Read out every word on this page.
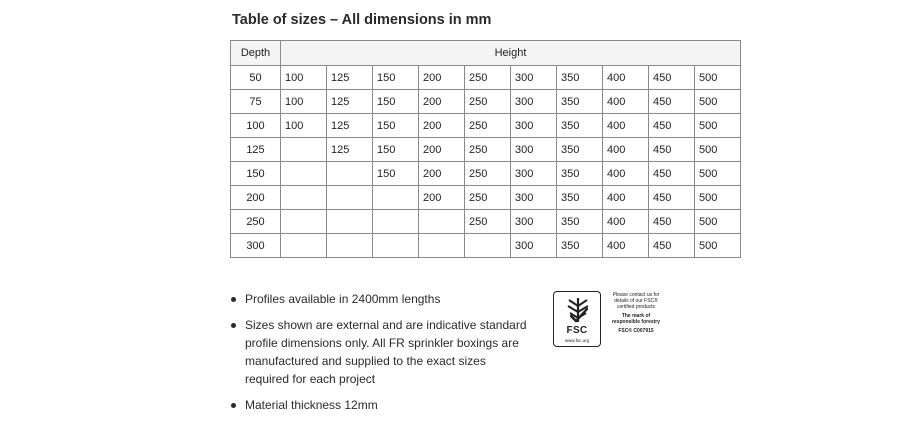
Table of sizes – All dimensions in mm
Depth	Height									
50	100	125	150	200	250	300	350	400	450	500
75	100	125	150	200	250	300	350	400	450	500
100	100	125	150	200	250	300	350	400	450	500
125		125	150	200	250	300	350	400	450	500
150			150	200	250	300	350	400	450	500
200				200	250	300	350	400	450	500
250					250	300	350	400	450	500
300						300	350	400	450	500
Profiles available in 2400mm lengths
Sizes shown are external and are indicative standard profile dimensions only. All FR sprinkler boxings are manufactured and supplied to the exact sizes required for each project
Material thickness 12mm
FSC
www.fsc.org
Please contact us for details of our FSC® certified products
The mark of responsible forestry
FSC® C007915
